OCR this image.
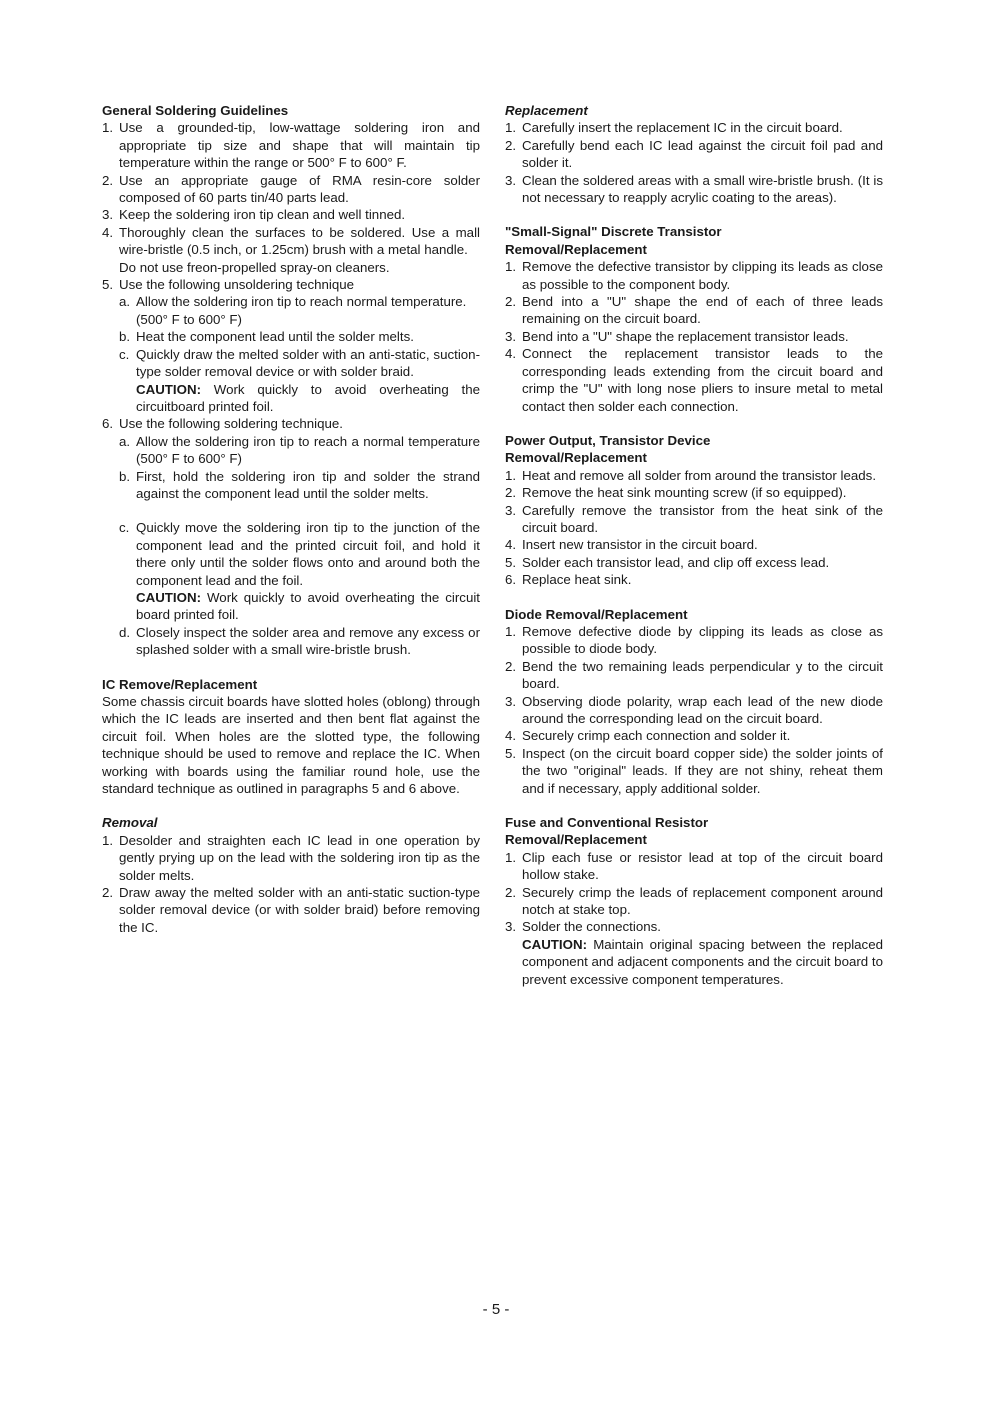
General Soldering Guidelines

1. Use a grounded-tip, low-wattage soldering iron and appropriate tip size and shape that will maintain tip temperature within the range or 500° F to 600° F.
2. Use an appropriate gauge of RMA resin-core solder composed of 60 parts tin/40 parts lead.
3. Keep the soldering iron tip clean and well tinned.
4. Thoroughly clean the surfaces to be soldered. Use a mall wire-bristle (0.5 inch, or 1.25cm) brush with a metal handle.
Do not use freon-propelled spray-on cleaners.
5. Use the following unsoldering technique
a. Allow the soldering iron tip to reach normal temperature.
(500° F to 600° F)
b. Heat the component lead until the solder melts.
c. Quickly draw the melted solder with an anti-static, suction-type solder removal device or with solder braid.
CAUTION: Work quickly to avoid overheating the circuitboard printed foil.
6. Use the following soldering technique.
a. Allow the soldering iron tip to reach a normal temperature (500° F to 600° F)
b. First, hold the soldering iron tip and solder the strand against the component lead until the solder melts.
c. Quickly move the soldering iron tip to the junction of the component lead and the printed circuit foil, and hold it there only until the solder flows onto and around both the component lead and the foil.
CAUTION: Work quickly to avoid overheating the circuit board printed foil.
d. Closely inspect the solder area and remove any excess or splashed solder with a small wire-bristle brush.

IC Remove/Replacement

Some chassis circuit boards have slotted holes (oblong) through which the IC leads are inserted and then bent flat against the circuit foil. When holes are the slotted type, the following technique should be used to remove and replace the IC. When working with boards using the familiar round hole, use the standard technique as outlined in paragraphs 5 and 6 above.

Removal

1. Desolder and straighten each IC lead in one operation by gently prying up on the lead with the soldering iron tip as the solder melts.
2. Draw away the melted solder with an anti-static suction-type solder removal device (or with solder braid) before removing the IC.

Replacement

1. Carefully insert the replacement IC in the circuit board.
2. Carefully bend each IC lead against the circuit foil pad and solder it.
3. Clean the soldered areas with a small wire-bristle brush. (It is not necessary to reapply acrylic coating to the areas).

"Small-Signal" Discrete Transistor

Removal/Replacement

1. Remove the defective transistor by clipping its leads as close as possible to the component body.
2. Bend into a "U" shape the end of each of three leads remaining on the circuit board.
3. Bend into a "U" shape the replacement transistor leads.
4. Connect the replacement transistor leads to the corresponding leads extending from the circuit board and crimp the "U" with long nose pliers to insure metal to metal contact then solder each connection.

Power Output, Transistor Device

Removal/Replacement

1. Heat and remove all solder from around the transistor leads.
2. Remove the heat sink mounting screw (if so equipped).
3. Carefully remove the transistor from the heat sink of the circuit board.
4. Insert new transistor in the circuit board.
5. Solder each transistor lead, and clip off excess lead.
6. Replace heat sink.

Diode Removal/Replacement

1. Remove defective diode by clipping its leads as close as possible to diode body.
2. Bend the two remaining leads perpendicular y to the circuit board.
3. Observing diode polarity, wrap each lead of the new diode around the corresponding lead on the circuit board.
4. Securely crimp each connection and solder it.
5. Inspect (on the circuit board copper side) the solder joints of the two "original" leads. If they are not shiny, reheat them and if necessary, apply additional solder.

Fuse and Conventional Resistor

Removal/Replacement

1. Clip each fuse or resistor lead at top of the circuit board hollow stake.
2. Securely crimp the leads of replacement component around notch at stake top.
3. Solder the connections.
CAUTION: Maintain original spacing between the replaced component and adjacent components and the circuit board to prevent excessive component temperatures.
- 5 -
